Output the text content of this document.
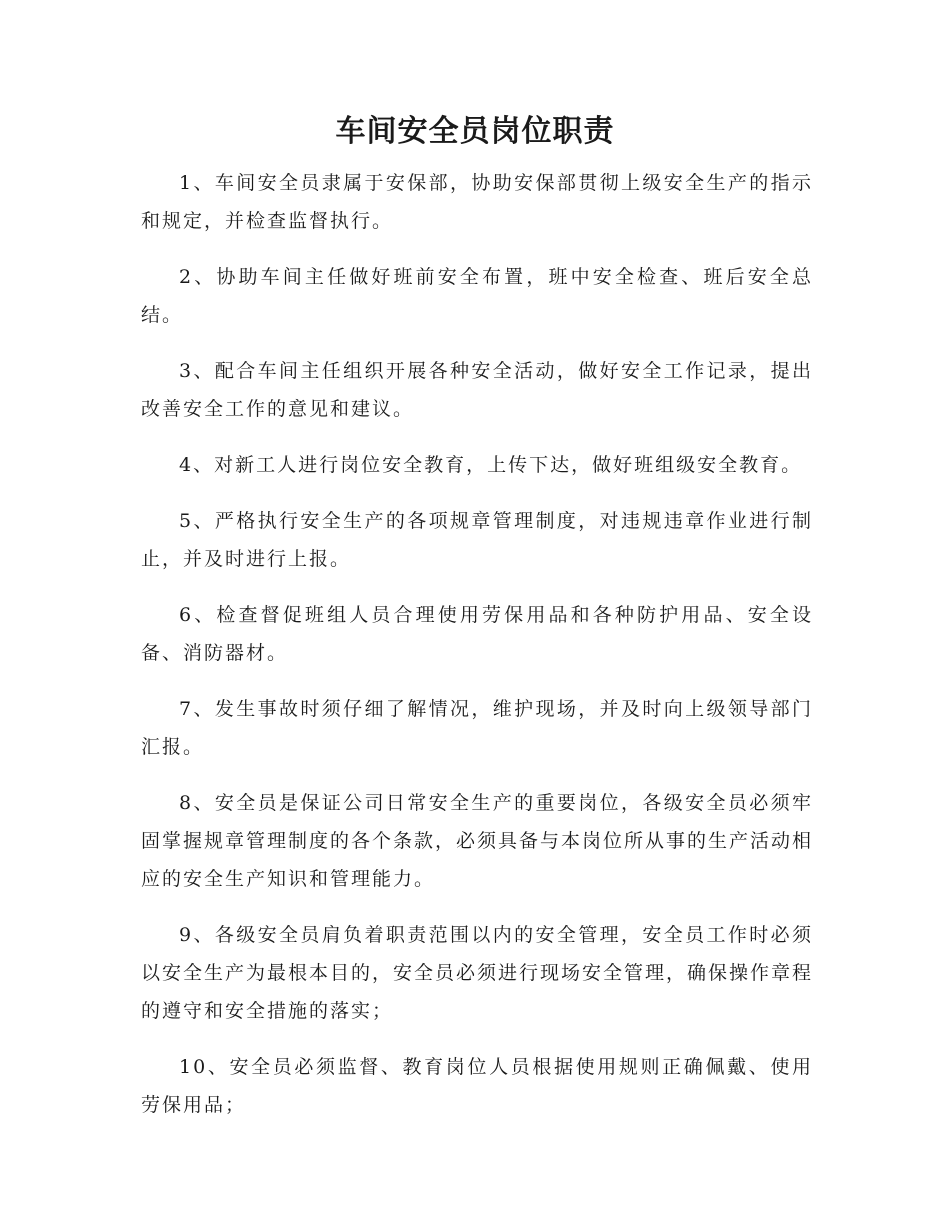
车间安全员岗位职责

1、车间安全员隶属于安保部，协助安保部贯彻上级安全生产的指示和规定，并检查监督执行。

2、协助车间主任做好班前安全布置，班中安全检查、班后安全总结。

3、配合车间主任组织开展各种安全活动，做好安全工作记录，提出改善安全工作的意见和建议。

4、对新工人进行岗位安全教育，上传下达，做好班组级安全教育。

5、严格执行安全生产的各项规章管理制度，对违规违章作业进行制止，并及时进行上报。

6、检查督促班组人员合理使用劳保用品和各种防护用品、安全设备、消防器材。

7、发生事故时须仔细了解情况，维护现场，并及时向上级领导部门汇报。

8、安全员是保证公司日常安全生产的重要岗位，各级安全员必须牢固掌握规章管理制度的各个条款，必须具备与本岗位所从事的生产活动相应的安全生产知识和管理能力。

9、各级安全员肩负着职责范围以内的安全管理，安全员工作时必须以安全生产为最根本目的，安全员必须进行现场安全管理，确保操作章程的遵守和安全措施的落实；

10、安全员必须监督、教育岗位人员根据使用规则正确佩戴、使用劳保用品；
